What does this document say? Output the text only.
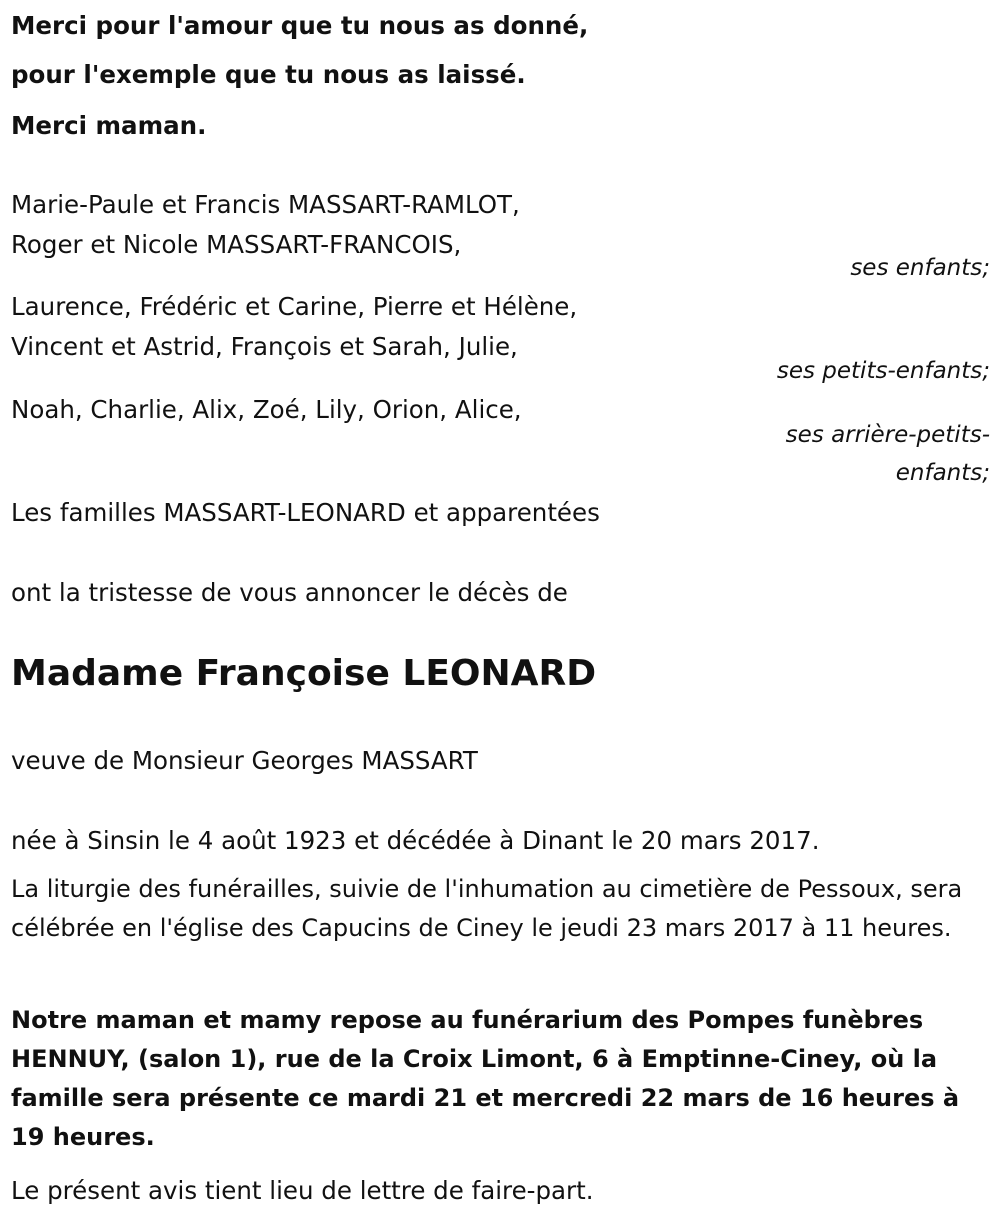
Merci pour l'amour que tu nous as donné,
pour l'exemple que tu nous as laissé.
Merci maman.
Marie-Paule et Francis MASSART-RAMLOT,
Roger et Nicole MASSART-FRANCOIS,
ses enfants;
Laurence, Frédéric et Carine, Pierre et Hélène,
Vincent et Astrid, François et Sarah, Julie,
ses petits-enfants;
Noah, Charlie, Alix, Zoé, Lily, Orion, Alice,
ses arrière-petits-
enfants;
Les familles MASSART-LEONARD et apparentées
ont la tristesse de vous annoncer le décès de
Madame Françoise LEONARD
veuve de Monsieur Georges MASSART
née à Sinsin le 4 août 1923 et décédée à Dinant le 20 mars 2017.
La liturgie des funérailles, suivie de l'inhumation au cimetière de Pessoux, sera célébrée en l'église des Capucins de Ciney le jeudi 23 mars 2017 à 11 heures.
Notre maman et mamy repose au funérarium des Pompes funèbres HENNUY, (salon 1), rue de la Croix Limont, 6 à Emptinne-Ciney, où la famille sera présente ce mardi 21 et mercredi 22 mars de 16 heures à 19 heures.
Le présent avis tient lieu de lettre de faire-part.
